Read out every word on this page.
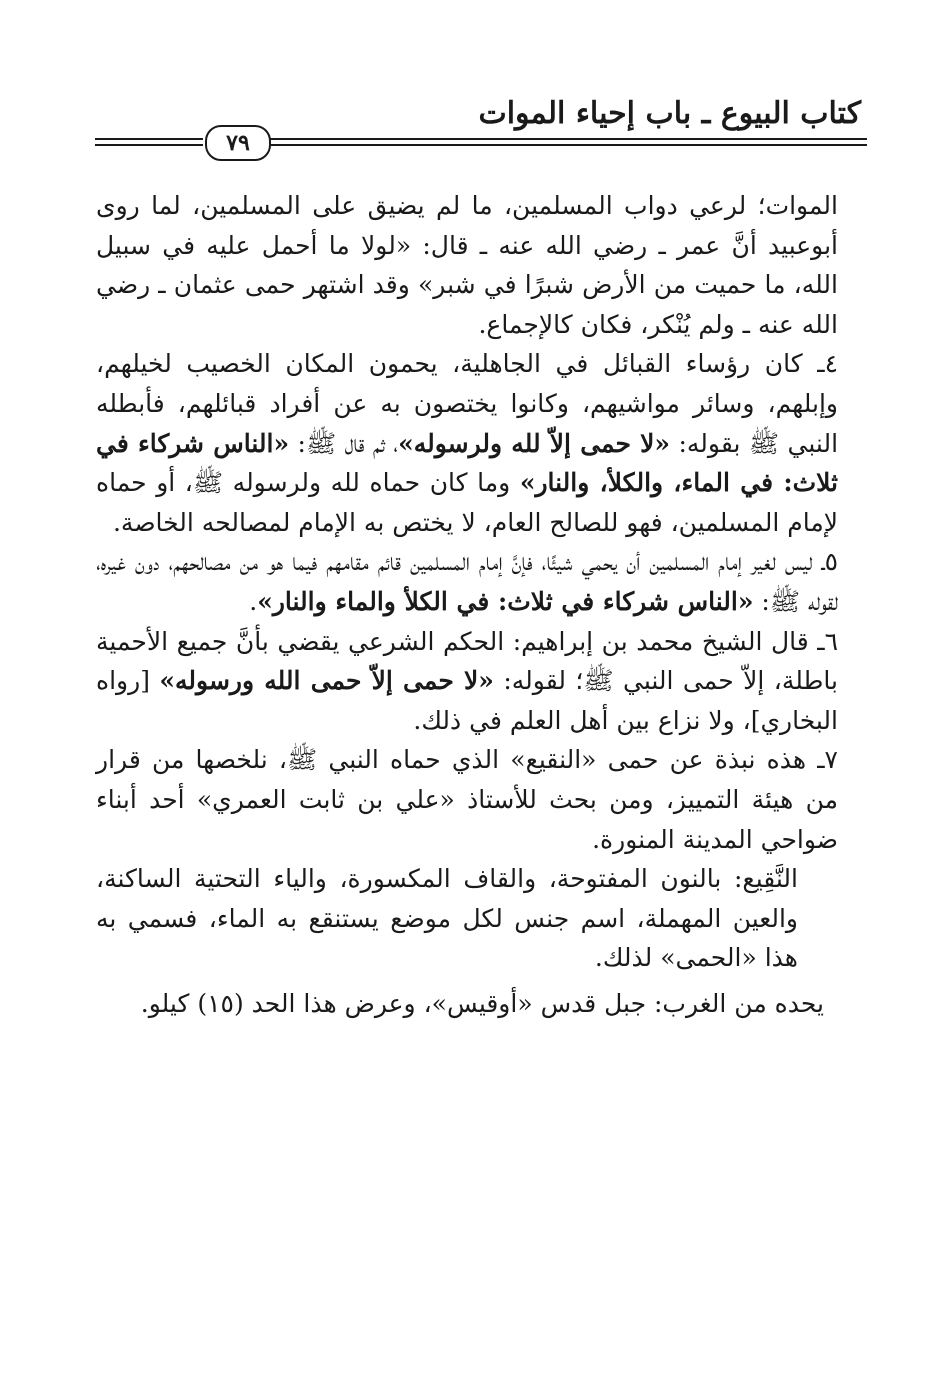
٧٩
كتاب البيوع ـ باب إحياء الموات

الموات؛ لرعي دواب المسلمين، ما لم يضيق على المسلمين، لما روى أبوعبيد أنَّ عمر ـ رضي الله عنه ـ قال: «لولا ما أحمل عليه في سبيل الله، ما حميت من الأرض شبرًا في شبر» وقد اشتهر حمى عثمان ـ رضي الله عنه ـ ولم يُنْكر، فكان كالإجماع.

٤ـ كان رؤساء القبائل في الجاهلية، يحمون المكان الخصيب لخيلهم، وإبلهم، وسائر مواشيهم، وكانوا يختصون به عن أفراد قبائلهم، فأبطله النبي ﷺ بقوله: «لا حمى إلاّ لله ولرسوله»، ثم قال ﷺ: «الناس شركاء في ثلاث: في الماء، والكلأ، والنار» وما كان حماه لله ولرسوله ﷺ، أو حماه لإمام المسلمين، فهو للصالح العام، لا يختص به الإمام لمصالحه الخاصة.

٥ـ ليس لغير إمام المسلمين أن يحمي شيئًا، فإنَّ إمام المسلمين قائم مقامهم فيما هو من مصالحهم، دون غيره، لقوله ﷺ: «الناس شركاء في ثلاث: في الكلأ والماء والنار».

٦ـ قال الشيخ محمد بن إبراهيم: الحكم الشرعي يقضي بأنَّ جميع الأحمية باطلة، إلاّ حمى النبي ﷺ؛ لقوله: «لا حمى إلاّ حمى الله ورسوله» [رواه البخاري]، ولا نزاع بين أهل العلم في ذلك.

٧ـ هذه نبذة عن حمى «النقيع» الذي حماه النبي ﷺ، نلخصها من قرار من هيئة التمييز، ومن بحث للأستاذ «علي بن ثابت العمري» أحد أبناء ضواحي المدينة المنورة.

النَّقِيع: بالنون المفتوحة، والقاف المكسورة، والياء التحتية الساكنة، والعين المهملة، اسم جنس لكل موضع يستنقع به الماء، فسمي به هذا «الحمى» لذلك.

يحده من الغرب: جبل قدس «أوقيس»، وعرض هذا الحد (١٥) كيلو.
